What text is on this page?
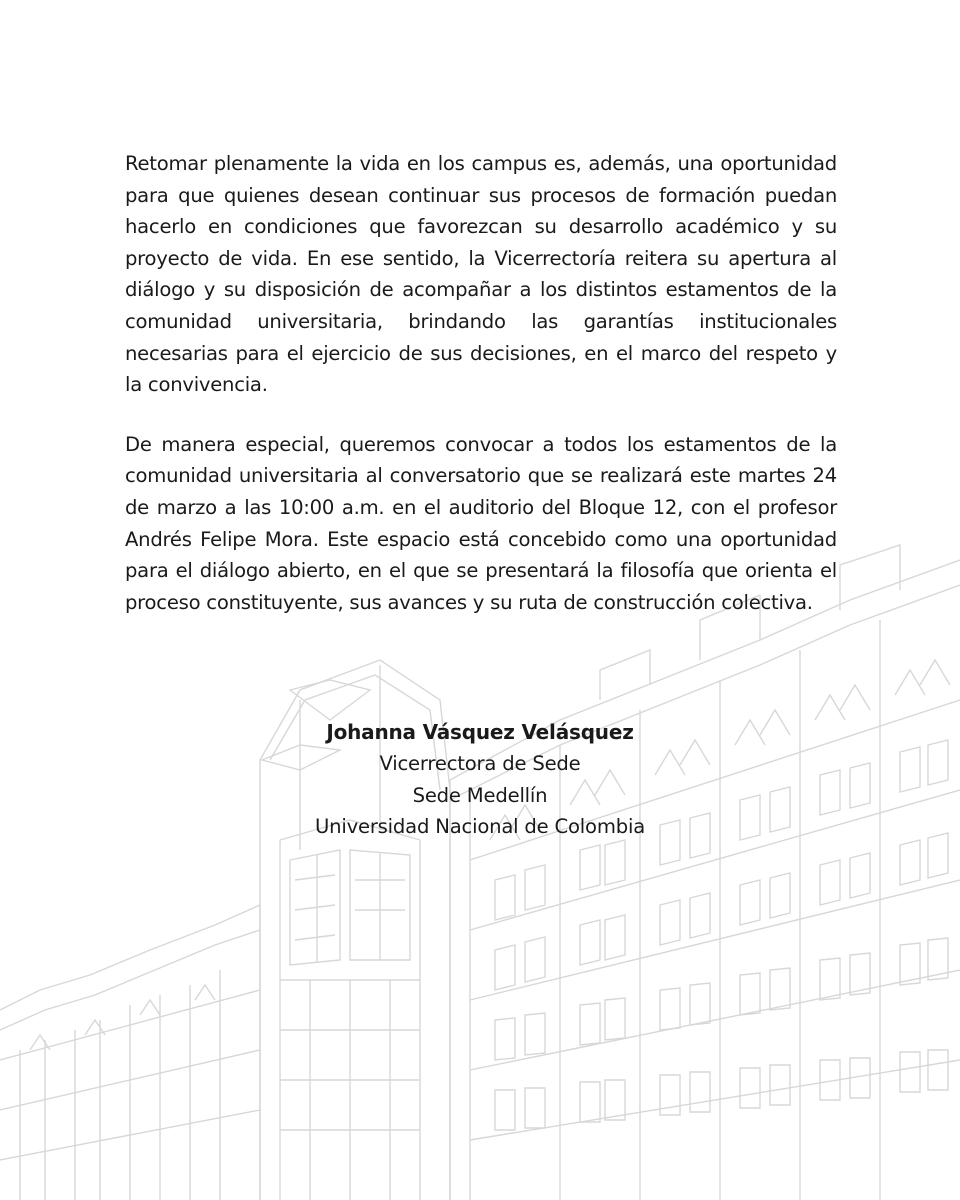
Retomar plenamente la vida en los campus es, además, una oportunidad para que quienes desean continuar sus procesos de formación puedan hacerlo en condiciones que favorezcan su desarrollo académico y su proyecto de vida. En ese sentido, la Vicerrectoría reitera su apertura al diálogo y su disposición de acompañar a los distintos estamentos de la comunidad universitaria, brindando las garantías institucionales necesarias para el ejercicio de sus decisiones, en el marco del respeto y la convivencia.

De manera especial, queremos convocar a todos los estamentos de la comunidad universitaria al conversatorio que se realizará este martes 24 de marzo a las 10:00 a.m. en el auditorio del Bloque 12, con el profesor Andrés Felipe Mora. Este espacio está concebido como una oportunidad para el diálogo abierto, en el que se presentará la filosofía que orienta el proceso constituyente, sus avances y su ruta de construcción colectiva.

Johanna Vásquez Velásquez
Vicerrectora de Sede
Sede Medellín
Universidad Nacional de Colombia
